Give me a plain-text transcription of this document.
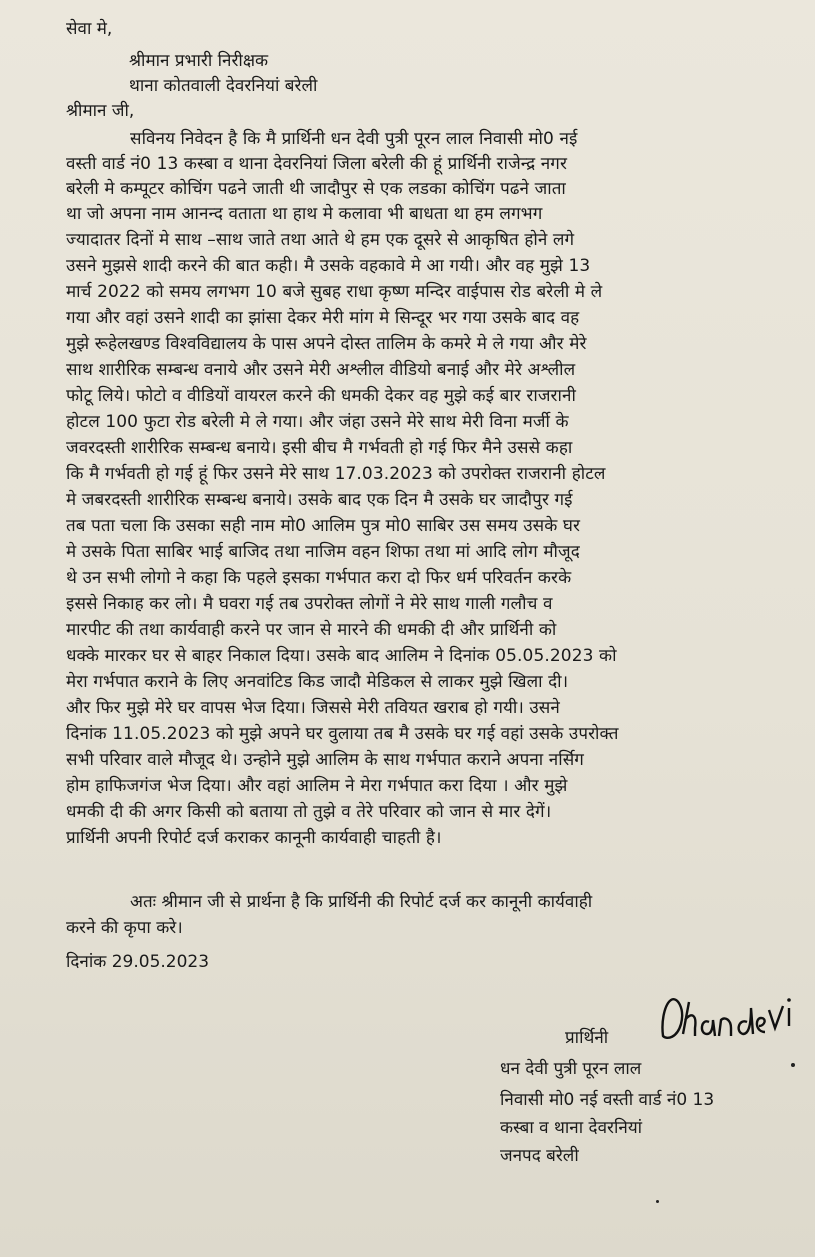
सेवा मे,
श्रीमान प्रभारी निरीक्षक
थाना कोतवाली देवरनियां बरेली
श्रीमान जी,
सविनय निवेदन है कि मै प्रार्थिनी धन देवी पुत्री पूरन लाल निवासी मो0 नई
वस्ती वार्ड नं0 13 कस्बा व थाना देवरनियां जिला बरेली की हूं प्रार्थिनी राजेन्द्र नगर
बरेली मे कम्पूटर कोचिंग पढने जाती थी जादौपुर से एक लडका कोचिंग पढने जाता
था जो अपना नाम आनन्द वताता था हाथ मे कलावा भी बाधता था हम लगभग
ज्यादातर दिनों मे साथ –साथ जाते तथा आते थे हम एक दूसरे से आकृषित होने लगे
उसने मुझसे शादी करने की बात कही। मै उसके वहकावे मे आ गयी। और वह मुझे 13
मार्च 2022 को समय लगभग 10 बजे सुबह राधा कृष्ण मन्दिर वाईपास रोड बरेली मे ले
गया और वहां उसने शादी का झांसा देकर मेरी मांग मे सिन्दूर भर गया उसके बाद वह
मुझे रूहेलखण्ड विश्वविद्यालय के पास अपने दोस्त तालिम के कमरे मे ले गया और मेरे
साथ शारीरिक सम्बन्ध वनाये और उसने मेरी अश्लील वीडियो बनाई और मेरे अश्लील
फोटू लिये। फोटो व वीडियों वायरल करने की धमकी देकर वह मुझे कई बार राजरानी
होटल 100 फुटा रोड बरेली मे ले गया। और जंहा उसने मेरे साथ मेरी विना मर्जी के
जवरदस्ती शारीरिक सम्बन्ध बनाये। इसी बीच मै गर्भवती हो गई फिर मैने उससे कहा
कि मै गर्भवती हो गई हूं फिर उसने मेरे साथ 17.03.2023 को उपरोक्त राजरानी होटल
मे जबरदस्ती शारीरिक सम्बन्ध बनाये। उसके बाद एक दिन मै उसके घर जादौपुर गई
तब पता चला कि उसका सही नाम मो0 आलिम पुत्र मो0 साबिर उस समय उसके घर
मे उसके पिता साबिर भाई बाजिद तथा नाजिम वहन शिफा तथा मां आदि लोग मौजूद
थे उन सभी लोगो ने कहा कि पहले इसका गर्भपात करा दो फिर धर्म परिवर्तन करके
इससे निकाह कर लो। मै घवरा गई तब उपरोक्त लोगों ने मेरे साथ गाली गलौच व
मारपीट की तथा कार्यवाही करने पर जान से मारने की धमकी दी और प्रार्थिनी को
धक्के मारकर घर से बाहर निकाल दिया। उसके बाद आलिम ने दिनांक 05.05.2023 को
मेरा गर्भपात कराने के लिए अनवांटिड किड जादौ मेडिकल से लाकर मुझे खिला दी।
और फिर मुझे मेरे घर वापस भेज दिया। जिससे मेरी तवियत खराब हो गयी। उसने
दिनांक 11.05.2023 को मुझे अपने घर वुलाया तब मै उसके घर गई वहां उसके उपरोक्त
सभी परिवार वाले मौजूद थे। उन्होने मुझे आलिम के साथ गर्भपात कराने अपना नर्सिग
होम हाफिजगंज भेज दिया। और वहां आलिम ने मेरा गर्भपात करा दिया । और मुझे
धमकी दी की अगर किसी को बताया तो तुझे व तेरे परिवार को जान से मार देगें।
प्रार्थिनी अपनी रिपोर्ट दर्ज कराकर कानूनी कार्यवाही चाहती है।
अतः श्रीमान जी से प्रार्थना है कि प्रार्थिनी की रिपोर्ट दर्ज कर कानूनी कार्यवाही
करने की कृपा करे।
दिनांक 29.05.2023
प्रार्थिनी
धन देवी पुत्री पूरन लाल
निवासी मो0 नई वस्ती वार्ड नं0 13
कस्बा व थाना देवरनियां
जनपद बरेली
